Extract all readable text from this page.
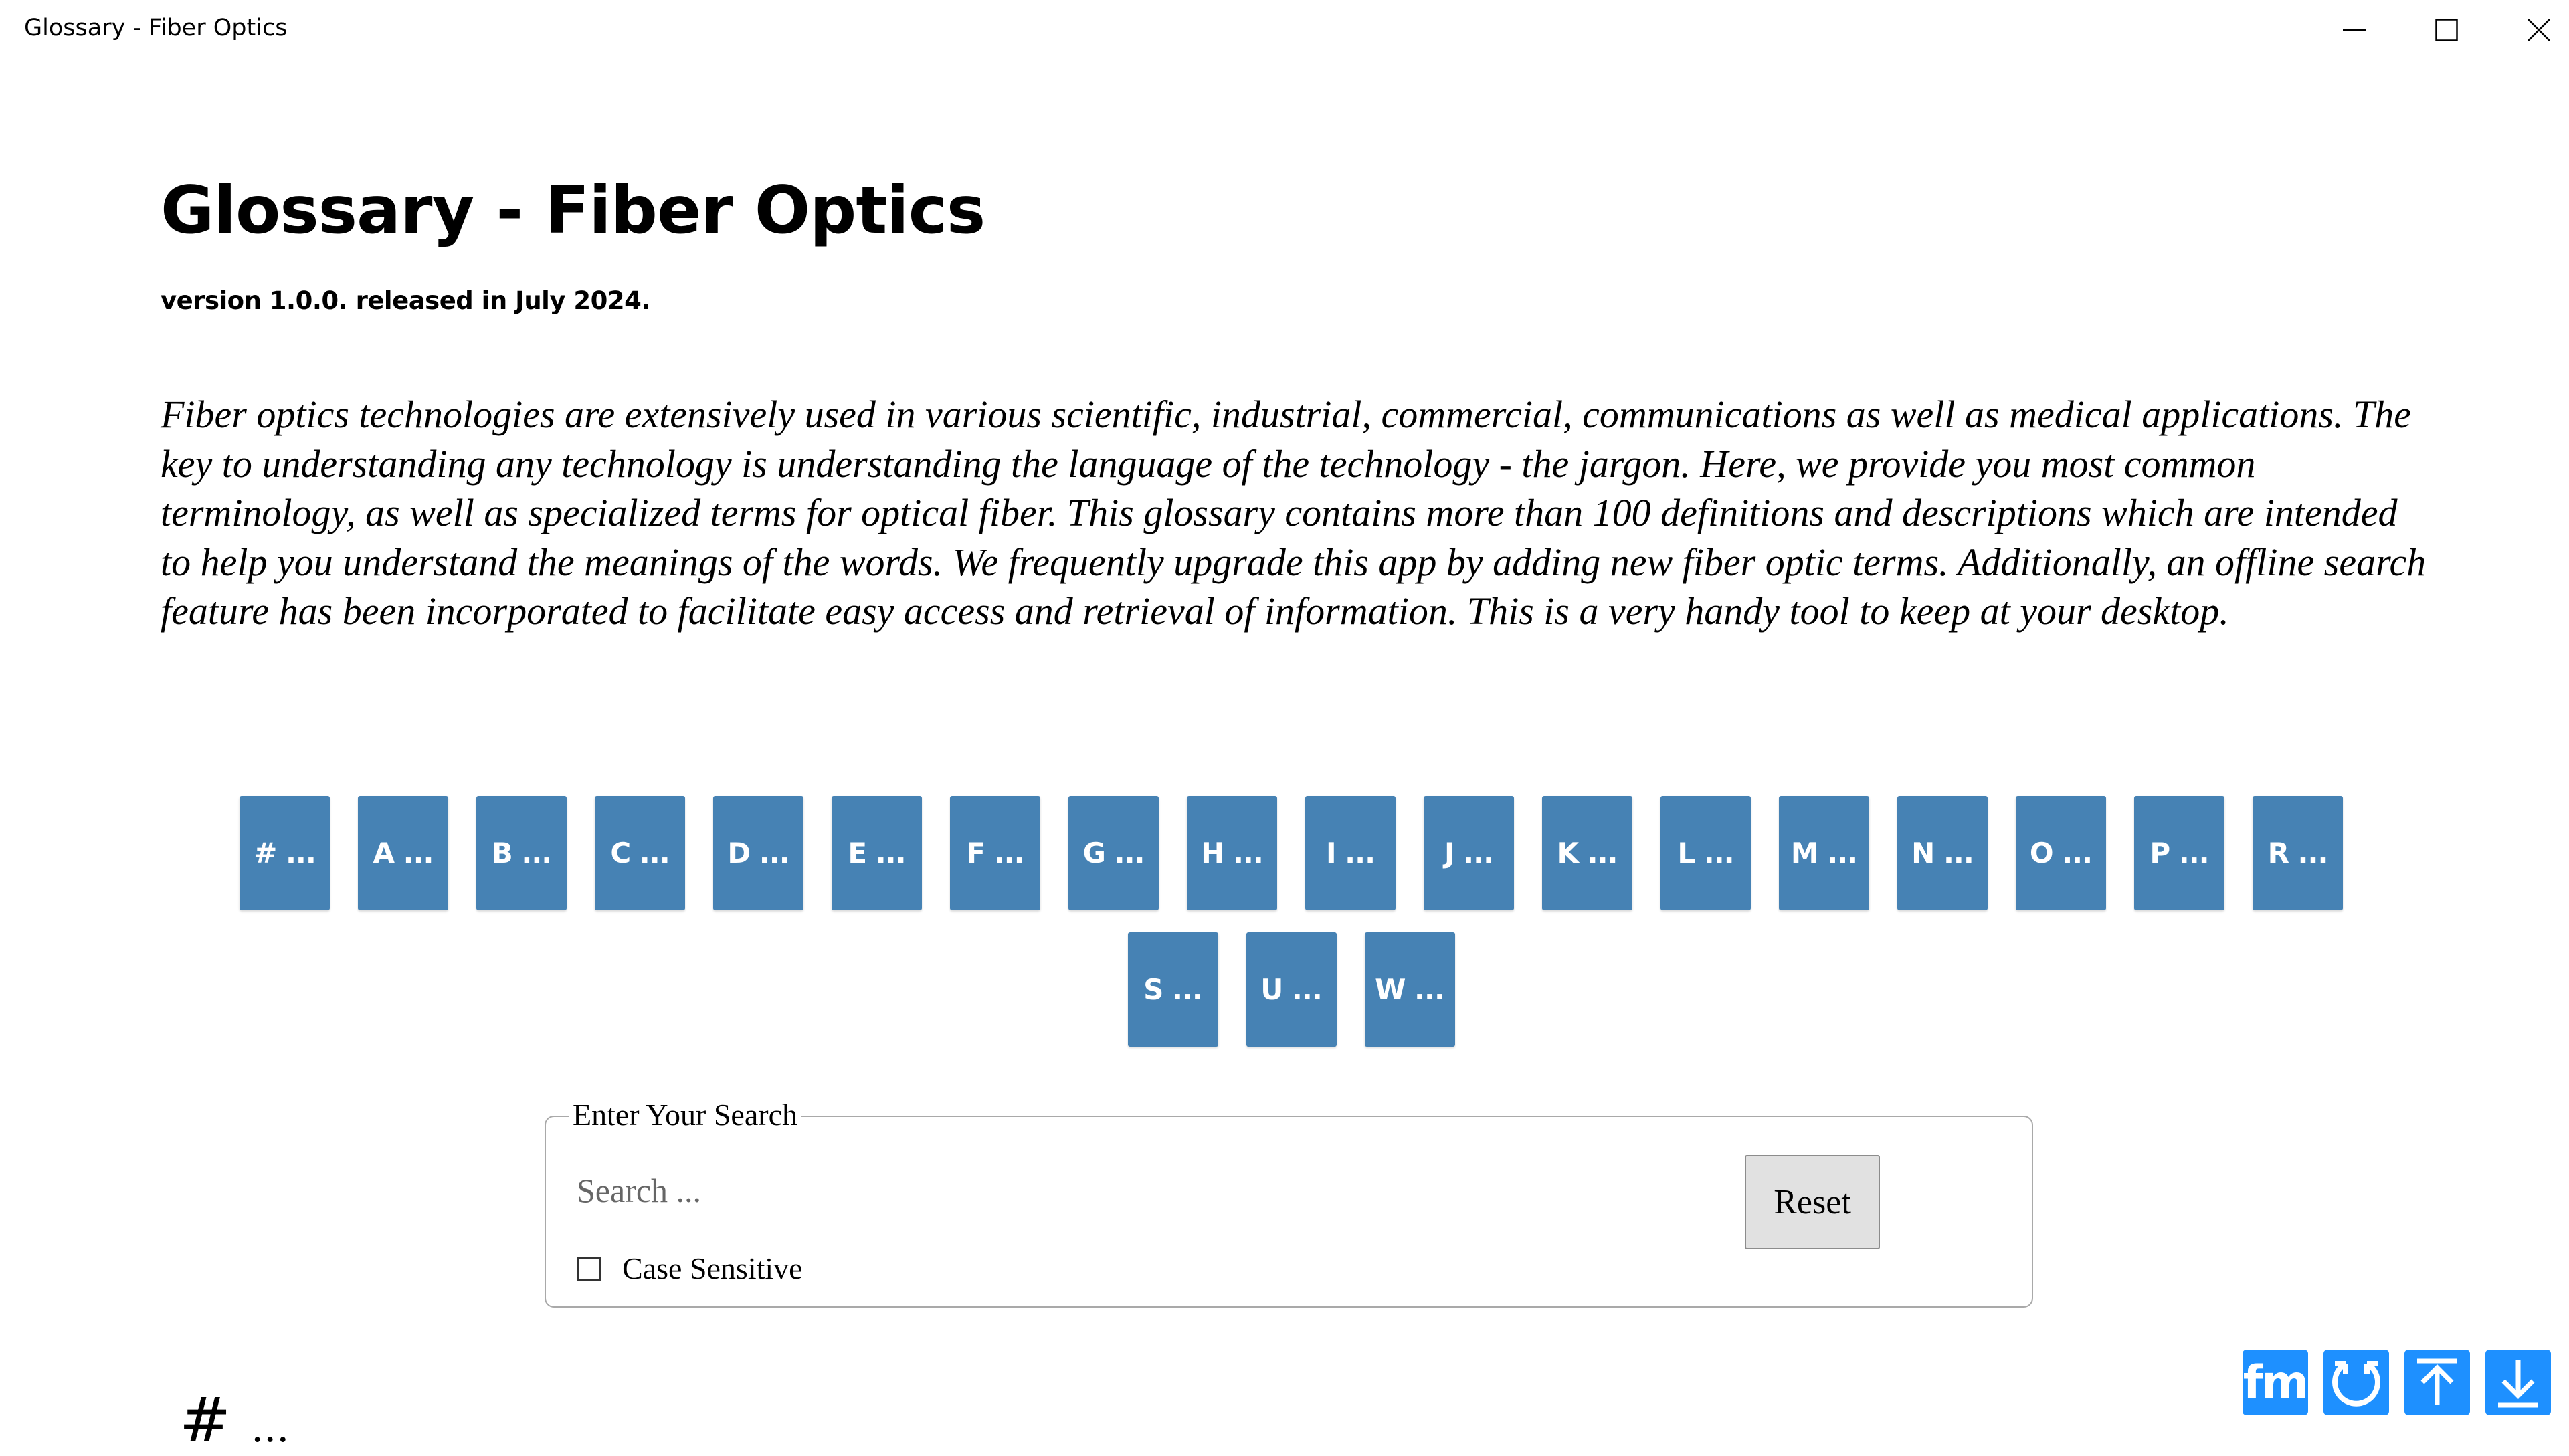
Glossary - Fiber Optics
Glossary - Fiber Optics
version 1.0.0. released in July 2024.

Fiber optics technologies are extensively used in various scientific, industrial, commercial, communications as well as medical applications. The key to understanding any technology is understanding the language of the technology - the jargon. Here, we provide you most common terminology, as well as specialized terms for optical fiber. This glossary contains more than 100 definitions and descriptions which are intended to help you understand the meanings of the words. We frequently upgrade this app by adding new fiber optic terms. Additionally, an offline search feature has been incorporated to facilitate easy access and retrieval of information. This is a very handy tool to keep at your desktop.

# ...	A ...	B ...	C ...	D ...	E ...	F ...	G ...	H ...	I ...	J ...	K ...	L ...	M ...	N ...	O ...	P ...	R ...
S ...	U ...	W ...
Enter Your Search
Search ...
Reset
Case Sensitive
# ...
fm
